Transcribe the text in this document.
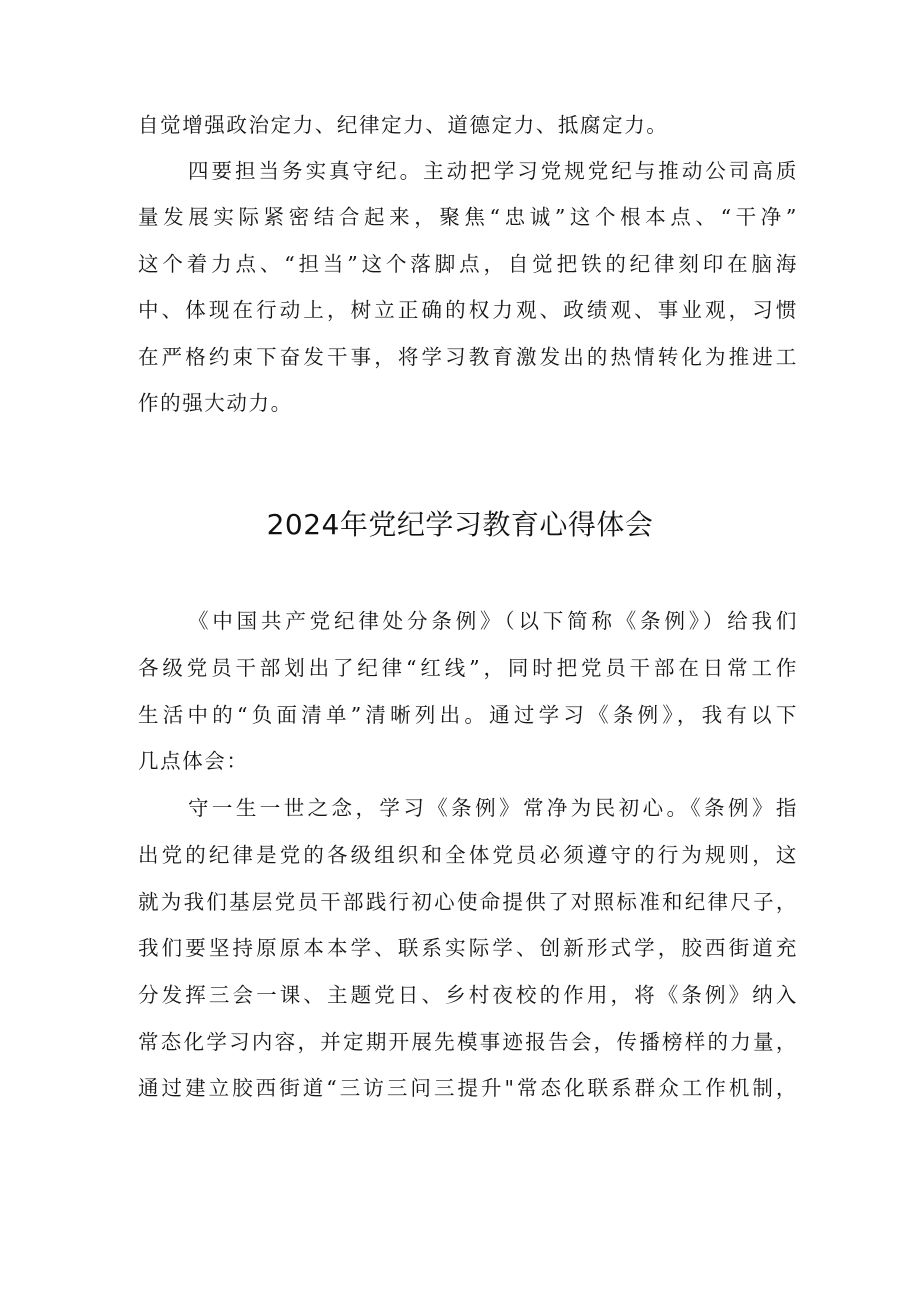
自觉增强政治定力、纪律定力、道德定力、抵腐定力。
四要担当务实真守纪。主动把学习党规党纪与推动公司高质
量发展实际紧密结合起来，聚焦“忠诚”这个根本点、“干净”
这个着力点、“担当”这个落脚点，自觉把铁的纪律刻印在脑海
中、体现在行动上，树立正确的权力观、政绩观、事业观，习惯
在严格约束下奋发干事，将学习教育激发出的热情转化为推进工
作的强大动力。
2024年党纪学习教育心得体会
《中国共产党纪律处分条例》（以下简称《条例》）给我们
各级党员干部划出了纪律“红线”，同时把党员干部在日常工作
生活中的“负面清单”清晰列出。通过学习《条例》，我有以下
几点体会：
守一生一世之念，学习《条例》常净为民初心。《条例》指
出党的纪律是党的各级组织和全体党员必须遵守的行为规则，这
就为我们基层党员干部践行初心使命提供了对照标准和纪律尺子，
我们要坚持原原本本学、联系实际学、创新形式学，胶西街道充
分发挥三会一课、主题党日、乡村夜校的作用，将《条例》纳入
常态化学习内容，并定期开展先模事迹报告会，传播榜样的力量，
通过建立胶西街道“三访三问三提升"常态化联系群众工作机制，
